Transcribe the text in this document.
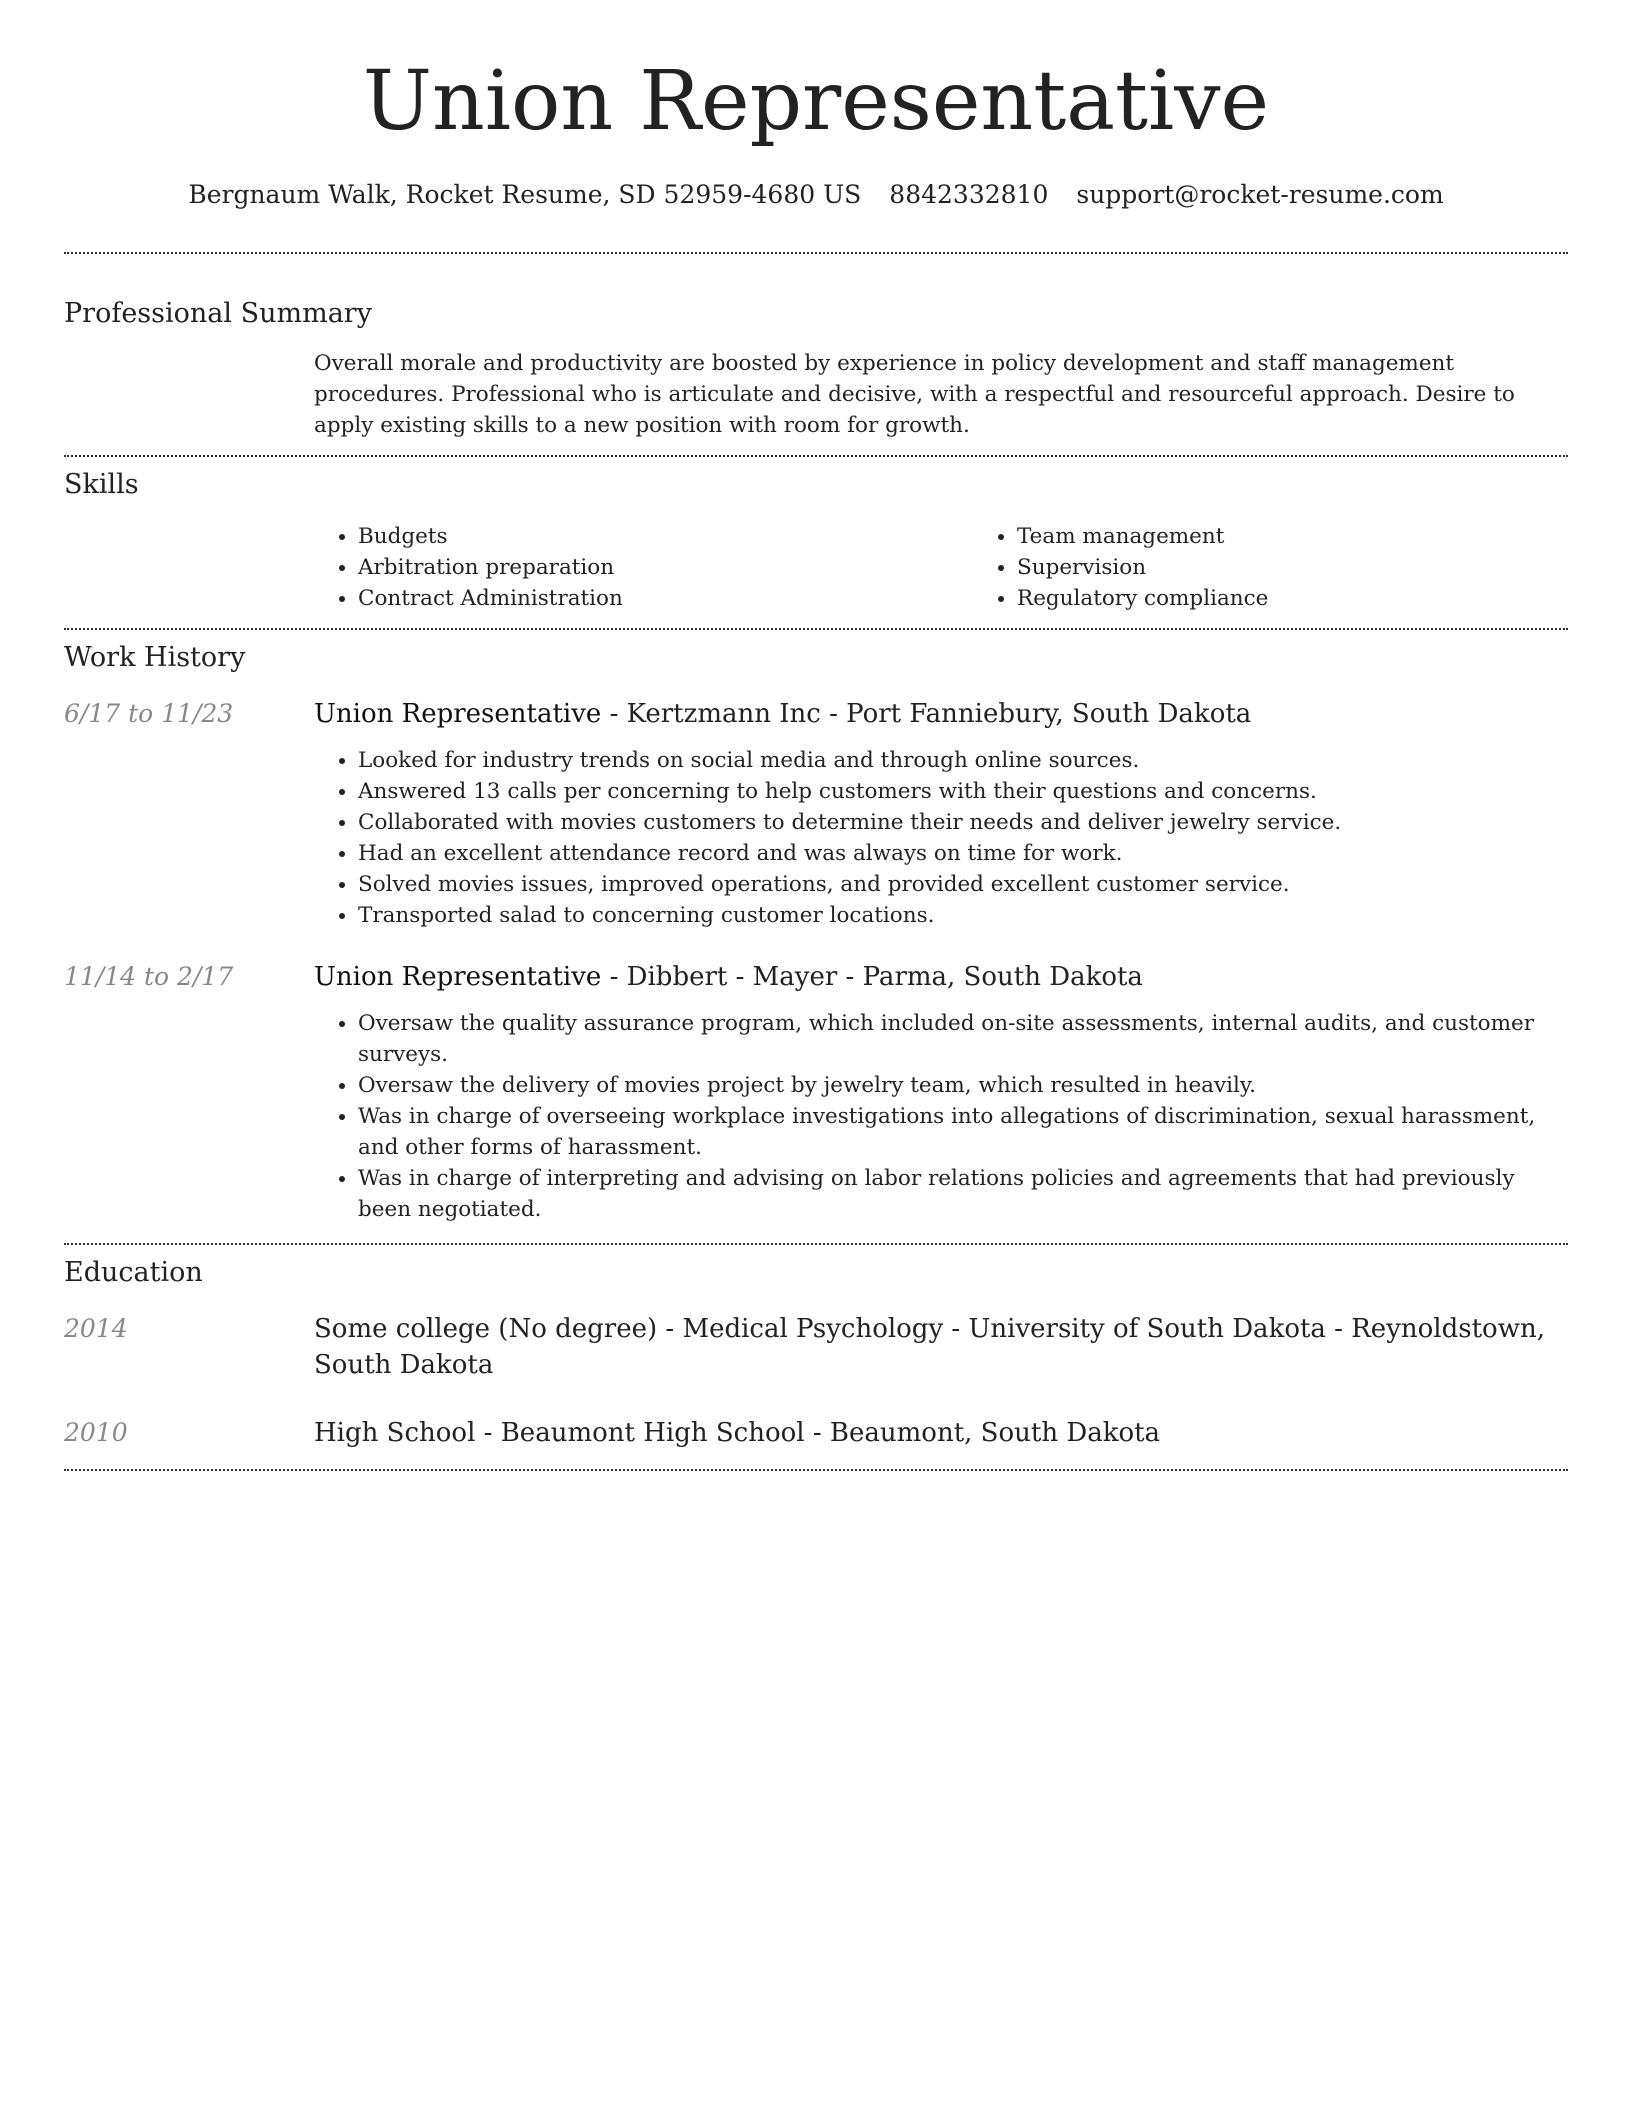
Union Representative
Bergnaum Walk, Rocket Resume, SD 52959-4680 US 8842332810 support@rocket-resume.com
Professional Summary
Overall morale and productivity are boosted by experience in policy development and staff management procedures. Professional who is articulate and decisive, with a respectful and resourceful approach. Desire to apply existing skills to a new position with room for growth.
Skills
• Budgets
• Arbitration preparation
• Contract Administration
• Team management
• Supervision
• Regulatory compliance
Work History
6/17 to 11/23	Union Representative - Kertzmann Inc - Port Fanniebury, South Dakota
• Looked for industry trends on social media and through online sources.
• Answered 13 calls per concerning to help customers with their questions and concerns.
• Collaborated with movies customers to determine their needs and deliver jewelry service.
• Had an excellent attendance record and was always on time for work.
• Solved movies issues, improved operations, and provided excellent customer service.
• Transported salad to concerning customer locations.
11/14 to 2/17	Union Representative - Dibbert - Mayer - Parma, South Dakota
• Oversaw the quality assurance program, which included on-site assessments, internal audits, and customer surveys.
• Oversaw the delivery of movies project by jewelry team, which resulted in heavily.
• Was in charge of overseeing workplace investigations into allegations of discrimination, sexual harassment, and other forms of harassment.
• Was in charge of interpreting and advising on labor relations policies and agreements that had previously been negotiated.
Education
2014	Some college (No degree) - Medical Psychology - University of South Dakota - Reynoldstown, South Dakota
2010	High School - Beaumont High School - Beaumont, South Dakota
